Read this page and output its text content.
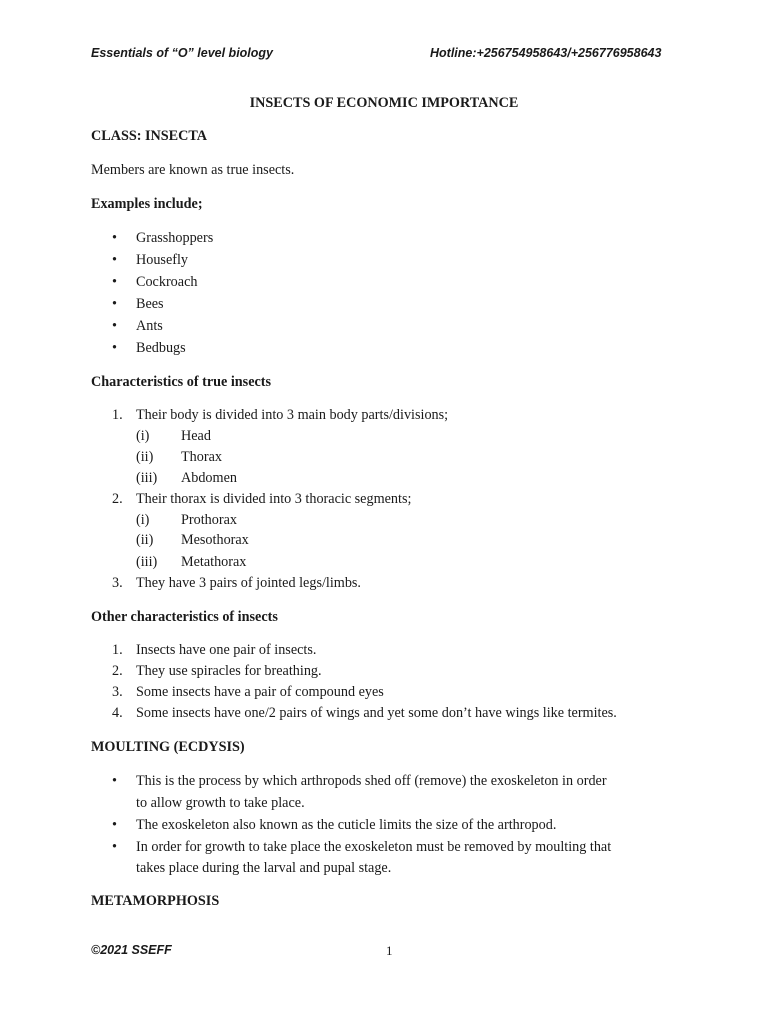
Essentials of “O” level biology	Hotline:+256754958643/+256776958643
INSECTS OF ECONOMIC IMPORTANCE
CLASS: INSECTA
Members are known as true insects.
Examples include;
• Grasshoppers
• Housefly
• Cockroach
• Bees
• Ants
• Bedbugs
Characteristics of true insects
1. Their body is divided into 3 main body parts/divisions;
(i) Head
(ii) Thorax
(iii) Abdomen
2. Their thorax is divided into 3 thoracic segments;
(i) Prothorax
(ii) Mesothorax
(iii) Metathorax
3. They have 3 pairs of jointed legs/limbs.
Other characteristics of insects
1. Insects have one pair of insects.
2. They use spiracles for breathing.
3. Some insects have a pair of compound eyes
4. Some insects have one/2 pairs of wings and yet some don’t have wings like termites.
MOULTING (ECDYSIS)
• This is the process by which arthropods shed off (remove) the exoskeleton in order
to allow growth to take place.
• The exoskeleton also known as the cuticle limits the size of the arthropod.
• In order for growth to take place the exoskeleton must be removed by moulting that
takes place during the larval and pupal stage.
METAMORPHOSIS
©2021 SSEFF	1
